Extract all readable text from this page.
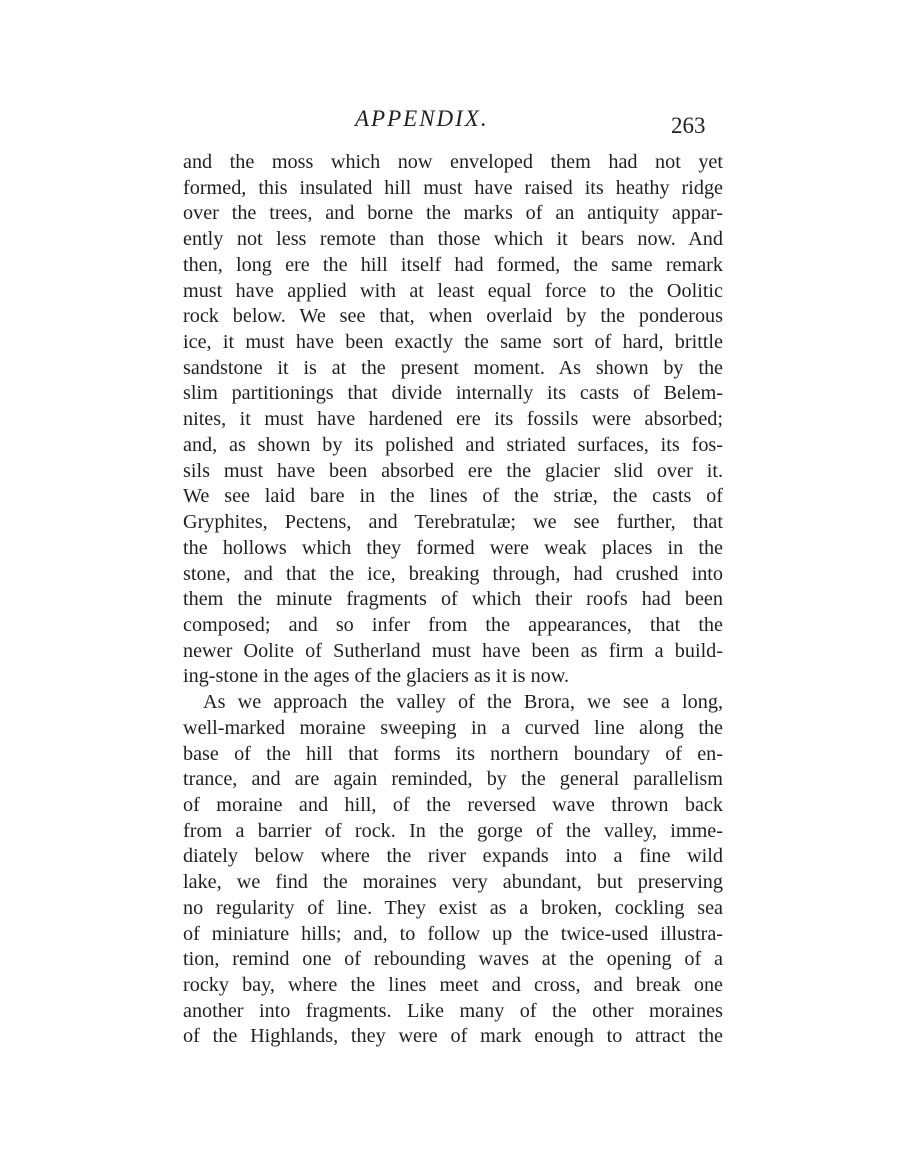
APPENDIX.	263
and the moss which now enveloped them had not yet
formed, this insulated hill must have raised its heathy ridge
over the trees, and borne the marks of an antiquity appar-
ently not less remote than those which it bears now. And
then, long ere the hill itself had formed, the same remark
must have applied with at least equal force to the Oolitic
rock below. We see that, when overlaid by the ponderous
ice, it must have been exactly the same sort of hard, brittle
sandstone it is at the present moment. As shown by the
slim partitionings that divide internally its casts of Belem-
nites, it must have hardened ere its fossils were absorbed;
and, as shown by its polished and striated surfaces, its fos-
sils must have been absorbed ere the glacier slid over it.
We see laid bare in the lines of the striæ, the casts of
Gryphites, Pectens, and Terebratulæ; we see further, that
the hollows which they formed were weak places in the
stone, and that the ice, breaking through, had crushed into
them the minute fragments of which their roofs had been
composed; and so infer from the appearances, that the
newer Oolite of Sutherland must have been as firm a build-
ing-stone in the ages of the glaciers as it is now.
As we approach the valley of the Brora, we see a long,
well-marked moraine sweeping in a curved line along the
base of the hill that forms its northern boundary of en-
trance, and are again reminded, by the general parallelism
of moraine and hill, of the reversed wave thrown back
from a barrier of rock. In the gorge of the valley, imme-
diately below where the river expands into a fine wild
lake, we find the moraines very abundant, but preserving
no regularity of line. They exist as a broken, cockling sea
of miniature hills; and, to follow up the twice-used illustra-
tion, remind one of rebounding waves at the opening of a
rocky bay, where the lines meet and cross, and break one
another into fragments. Like many of the other moraines
of the Highlands, they were of mark enough to attract the
